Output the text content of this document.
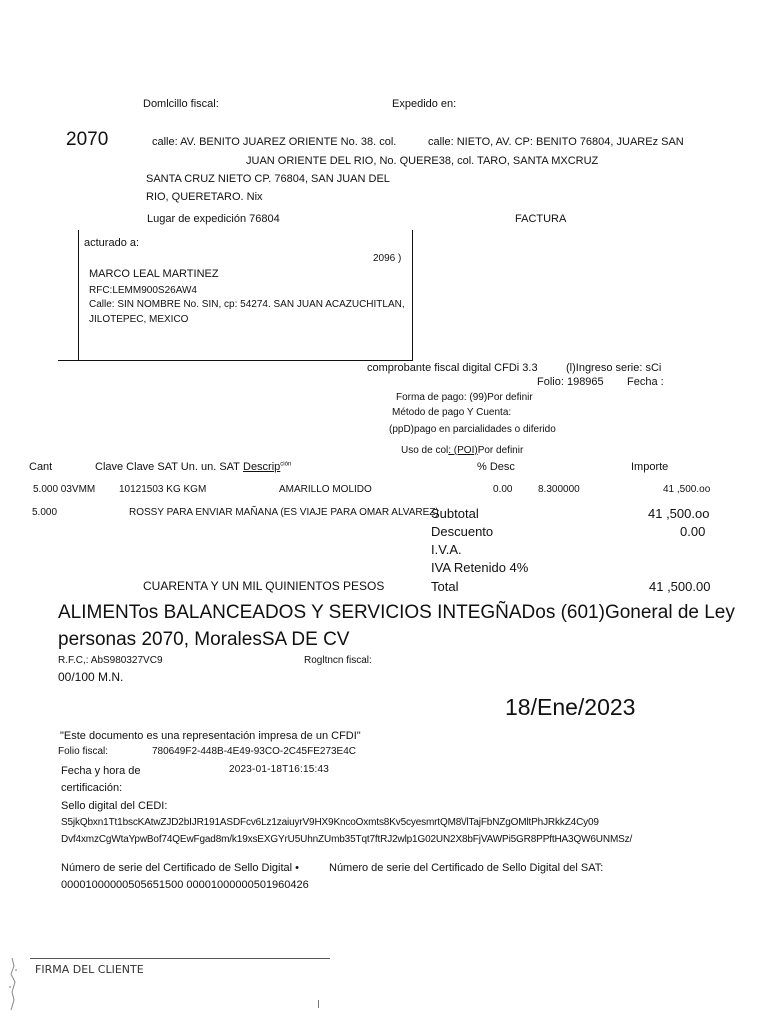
Domlcillo fiscal:	Expedido en:
2070	calle: AV. BENITO JUAREZ ORIENTE No. 38. col.	calle: NIETO, AV. CP: BENITO 76804, JUAREz SAN
JUAN ORIENTE DEL RIO, No. QUERE38, col. TARO, SANTA MXCRUZ
SANTA CRUZ NIETO CP. 76804, SAN JUAN DEL
RIO, QUERETARO. Nix
Lugar de expedición 76804	FACTURA
acturado a:
2096 )
MARCO LEAL MARTINEZ
RFC:LEMM900S26AW4
Calle: SIN NOMBRE No. SIN, cp: 54274. SAN JUAN ACAZUCHITLAN,
JILOTEPEC, MEXICO
comprobante fiscal digital CFDi 3.3	(l)Ingreso serie: sCi
Folio: 198965 Fecha :
Forma de pago: (99)Por definir
Método de pago Y Cuenta:
(ppD)pago en parcialidades o diferido
Uso de col: (POI)Por definir
Cant	Clave Clave SAT Un. un. SAT Descrip$^{ción}$	% Desc	Importe
5.000 03VMM 10121503 KG KGM	AMARILLO MOLIDO	0.00	8.300000	41 ,500.oo
5.000	ROSSY PARA ENVIAR MAÑANA (ES VIAJE PARA OMAR ALVAREZ)
Subtotal	41 ,500.oo
Descuento	0.00
I.V.A.
IVA Retenido 4%
CUARENTA Y UN MIL QUINIENTOS PESOS	Total	41 ,500.00
ALIMENTos BALANCEADOS Y SERVICIOS INTEGÑADos (601)Goneral de Ley
personas 2070, MoralesSA DE CV
R.F.C,: AbS980327VC9	Rogltncn fiscal:
00/100 M.N.
18/Ene/2023
"Este documento es una representación impresa de un CFDI"
Folio fiscal:	780649F2-448B-4E49-93CO-2C45FE273E4C
Fecha y hora de	2023-01-18T16:15:43
certificación:
Sello digital del CEDI:
S5jkQbxn1Tt1bscKAtwZJD2bIJR191ASDFcv6Lz1zaiuyrV9HX9KncoOxmts8Kv5cyesmrtQM8\/lTajFbNZgOMltPhJRkkZ4Cy09
Dvf4xmzCgWtaYpwBof74QEwFgad8m/k19xsEXGYrU5UhnZUmb35Tqt7ftRJ2wlp1G02UN2X8bFjVAWPi5GR8PPftHA3QW6UNMSz/
Número de serie del Certificado de Sello Digital •	Número de serie del Certificado de Sello Digital del SAT:
00001000000505651500 00001000000501960426
FIRMA DEL CLIENTE
